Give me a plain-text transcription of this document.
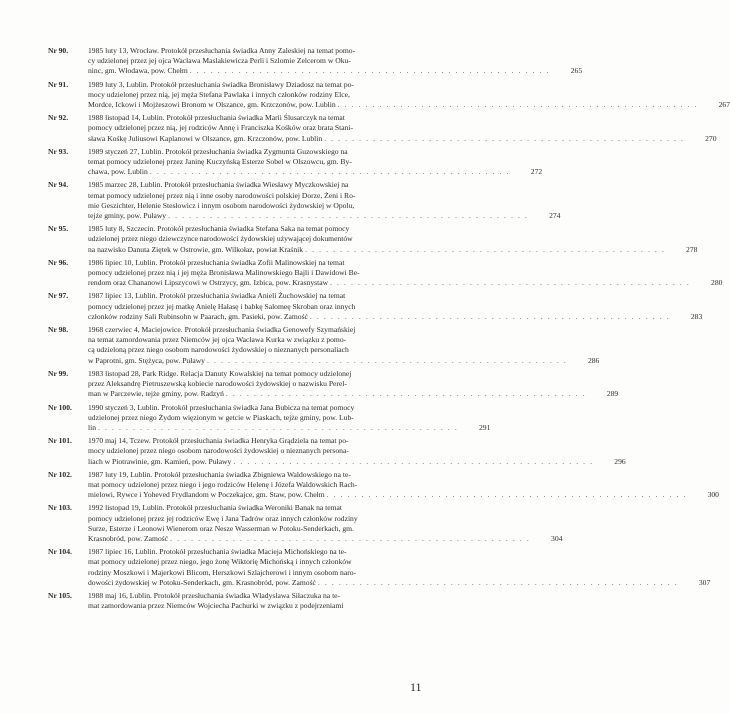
Nr 90.	1985 luty 13, Wrocław. Protokół przesłuchania świadka Anny Zaleskiej na temat pomo-
cy udzielonej przez jej ojca Wacława Maslakiewicza Perli i Szlomie Zelcerom w Oku-
ninc, gm. Włodawa, pow. Chełm . . . . . . . . . . . . . . . . . . . . . . . . . . . . . . . . . . . . . . . . . . . . . . . . . . . .	265
Nr 91.	1989 luty 3, Lublin. Protokół przesłuchania świadka Bronisławy Dziadosz na temat po-
mocy udzielonej przez nią, jej męża Stefana Pawlaka i innych członków rodziny Elce,
Mordce, Ickowi i Mojżeszowi Bronom w Olszance, gm. Krzczonów, pow. Lublin . . . . . . . . . . . . . . . . . . . . . . . . . . . . . . . . . . . . . . . . . . . . . . . . . . . .	267
Nr 92.	1988 listopad 14, Lublin. Protokół przesłuchania świadka Marii Ślusarczyk na temat
pomocy udzielonej przez nią, jej rodziców Annę i Franciszka Kośków oraz brata Stani-
sława Kośkę Juliusowi Kaplanowi w Olszance, gm. Krzczonów, pow. Lublin . . . . . . . . . . . . . . . . . . . . . . . . . . . . . . . . . . . . . . . . . . . . . . . . . . . .	270
Nr 93.	1989 styczeń 27, Lublin. Protokół przesłuchania świadka Zygmunta Guzowskiego na
temat pomocy udzielonej przez Janinę Kuczyńską Esterze Sobel w Olszowcu, gm. By-
chawa, pow. Lublin . . . . . . . . . . . . . . . . . . . . . . . . . . . . . . . . . . . . . . . . . . . . . . . . . . . .	272
Nr 94.	1985 marzec 28, Lublin. Protokół przesłuchania świadka Wiesławy Myczkowskiej na
temat pomocy udzielonej przez nią i inne osoby narodowości polskiej Dorze, Żeni i Ro-
mie Geszichter, Helenie Stesłowicz i innym osobom narodowości żydowskiej w Opolu,
tejże gminy, pow. Puławy . . . . . . . . . . . . . . . . . . . . . . . . . . . . . . . . . . . . . . . . . . . . . . . . . . . .	274
Nr 95.	1985 luty 8, Szczecin. Protokół przesłuchania świadka Stefana Saka na temat pomocy
udzielonej przez niego dziewczynce narodowości żydowskiej używającej dokumentów
na nazwisko Danuta Ziętek w Ostrowie, gm. Wilkołaz, powiat Kraśnik . . . . . . . . . . . . . . . . . . . . . . . . . . . . . . . . . . . . . . . . . . . . . . . . . . . .	278
Nr 96.	1986 lipiec 10, Lublin. Protokół przesłuchania świadka Zofii Malinowskiej na temat
pomocy udzielonej przez nią i jej męża Bronisława Malinowskiego Bajli i Dawidowi Be-
rendom oraz Chananowi Lipszycowi w Ostrzycy, gm. Izbica, pow. Krasnystaw . . . . . . . . . . . . . . . . . . . . . . . . . . . . . . . . . . . . . . . . . . . . . . . . . . . .	280
Nr 97.	1987 lipiec 13, Lublin. Protokół przesłuchania świadka Anieli Żuchowskiej na temat
pomocy udzielonej przez jej matkę Anielę Hałasę i babkę Salomeę Skroban oraz innych
członków rodziny Sali Rubinsohn w Paarach, gm. Pasieki, pow. Zamość . . . . . . . . . . . . . . . . . . . . . . . . . . . . . . . . . . . . . . . . . . . . . . . . . . . .	283
Nr 98.	1968 czerwiec 4, Maciejowice. Protokół przesłuchania świadka Genowefy Szymańskiej
na temat zamordowania przez Niemców jej ojca Wacława Kurka w związku z pomo-
cą udzieloną przez niego osobom narodowości żydowskiej o nieznanych personaliach
w Paprotni, gm. Stężyca, pow. Puławy . . . . . . . . . . . . . . . . . . . . . . . . . . . . . . . . . . . . . . . . . . . . . . . . . . . .	286
Nr 99.	1983 listopad 28, Park Ridge. Relacja Danuty Kowalskiej na temat pomocy udzielonej
przez Aleksandrę Pietruszewską kobiecie narodowości żydowskiej o nazwisku Perel-
man w Parczewie, tejże gminy, pow. Radzyń . . . . . . . . . . . . . . . . . . . . . . . . . . . . . . . . . . . . . . . . . . . . . . . . . . . .	289
Nr 100.	1990 styczeń 3, Lublin. Protokół przesłuchania świadka Jana Bubicza na temat pomocy
udzielonej przez niego Żydom więzionym w getcie w Piaskach, tejże gminy, pow. Lub-
lin . . . . . . . . . . . . . . . . . . . . . . . . . . . . . . . . . . . . . . . . . . . . . . . . . . . .	291
Nr 101.	1970 maj 14, Tczew. Protokół przesłuchania świadka Henryka Grądziela na temat po-
mocy udzielonej przez niego osobom narodowości żydowskiej o nieznanych persona-
liach w Piotrawinie, gm. Kamień, pow. Puławy . . . . . . . . . . . . . . . . . . . . . . . . . . . . . . . . . . . . . . . . . . . . . . . . . . . .	296
Nr 102.	1987 luty 19, Lublin. Protokół przesłuchania świadka Zbigniewa Waldowskiego na te-
mat pomocy udzielonej przez niego i jego rodziców Helenę i Józefa Waldowskich Rach-
mielowi, Rywce i Yoheved Frydlandom w Poczekajce, gm. Staw, pow. Chełm . . . . . . . . . . . . . . . . . . . . . . . . . . . . . . . . . . . . . . . . . . . . . . . . . . . .	300
Nr 103.	1992 listopad 19, Lublin. Protokół przesłuchania świadka Weroniki Banak na temat
pomocy udzielonej przez jej rodziców Ewę i Jana Tadrów oraz innych członków rodziny
Surze, Esterze i Leonowi Wienerom oraz Nesze Wasserman w Potoku-Senderkach, gm.
Krasnobród, pow. Zamość . . . . . . . . . . . . . . . . . . . . . . . . . . . . . . . . . . . . . . . . . . . . . . . . . . . .	304
Nr 104.	1987 lipiec 16, Lublin. Protokół przesłuchania świadka Macieja Michońskiego na te-
mat pomocy udzielonej przez niego, jego żonę Wiktorię Michońską i innych członków
rodziny Moszkowi i Majerkowi Blicom, Herszkowi Szlajcherowi i innym osobom naro-
dowości żydowskiej w Potoku-Senderkach, gm. Krasnobród, pow. Zamość . . . . . . . . . . . . . . . . . . . . . . . . . . . . . . . . . . . . . . . . . . . . . . . . . . . .	307
Nr 105.	1988 maj 16, Lublin. Protokół przesłuchania świadka Władysława Siłaczuka na te-
mat zamordowania przez Niemców Wojciecha Pachurki w związku z podejrzeniami
11
